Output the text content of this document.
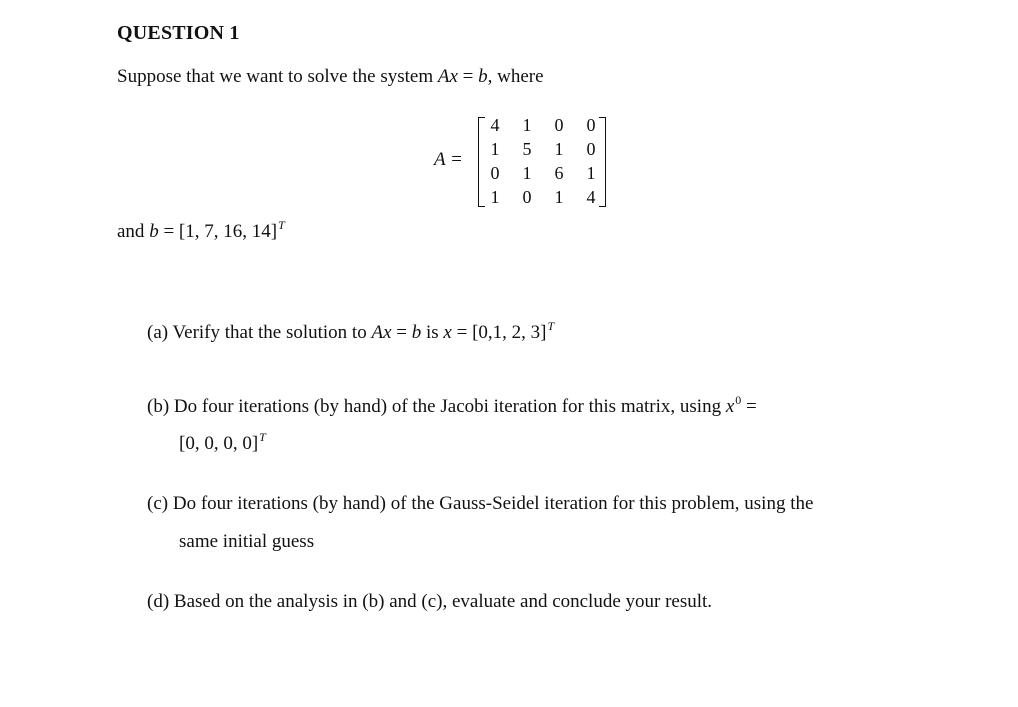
QUESTION 1
Suppose that we want to solve the system Ax = b, where
A =
4	1	0	0
1	5	1	0
0	1	6	1
1	0	1	4
and b = [1, 7, 16, 14]$^T$
(a) Verify that the solution to Ax = b is x = [0,1, 2, 3]$^T$
(b) Do four iterations (by hand) of the Jacobi iteration for this matrix, using $x^0$ =
[0, 0, 0, 0]$^T$
(c) Do four iterations (by hand) of the Gauss-Seidel iteration for this problem, using the
same initial guess
(d) Based on the analysis in (b) and (c), evaluate and conclude your result.
